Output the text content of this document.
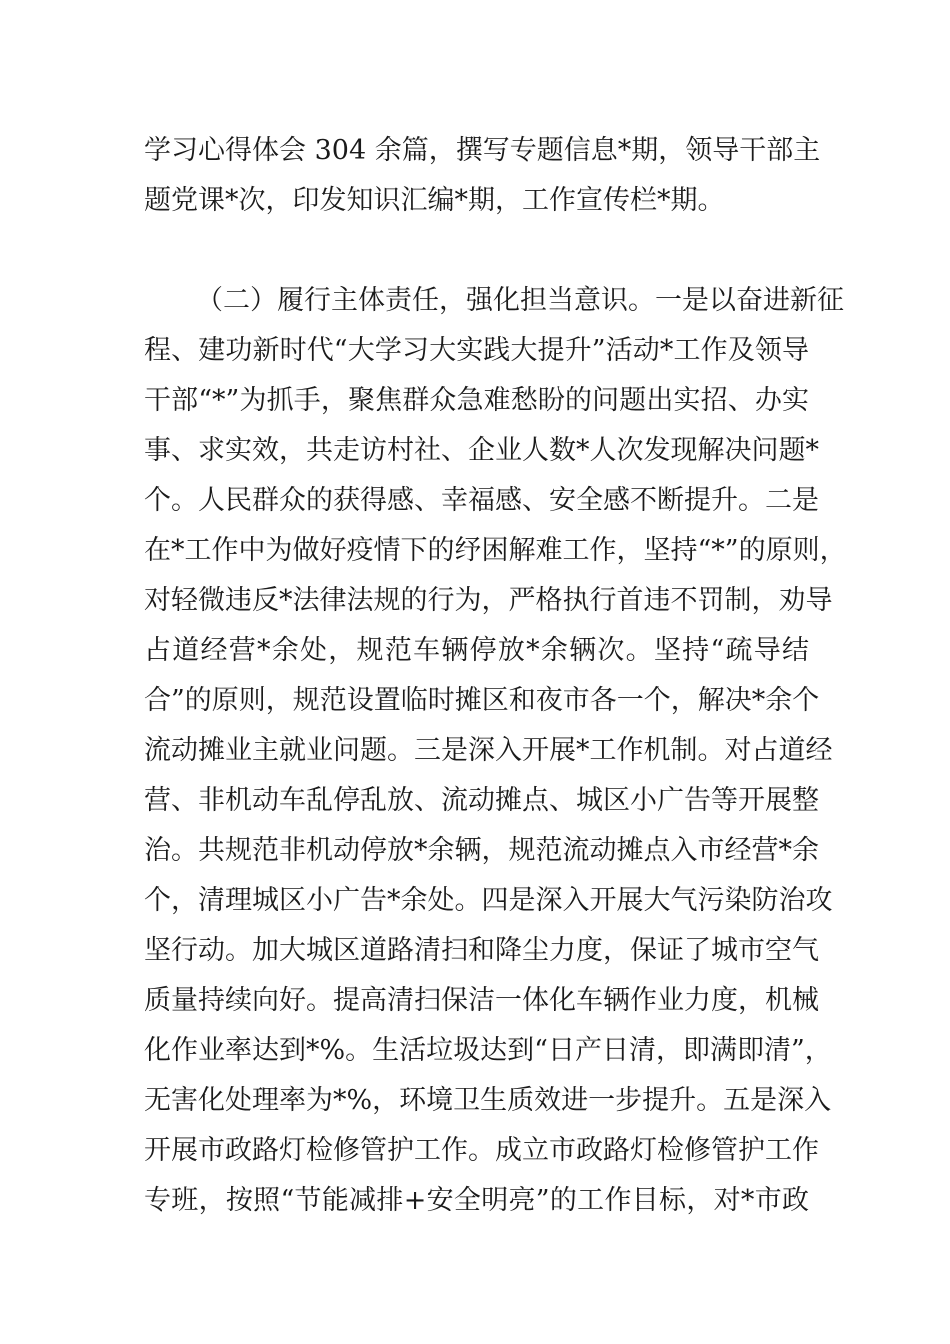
学习心得体会 304 余篇，撰写专题信息*期，领导干部主
题党课*次，印发知识汇编*期，工作宣传栏*期。
（二）履行主体责任，强化担当意识。一是以奋进新征
程、建功新时代“大学习大实践大提升”活动*工作及领导
干部“*”为抓手，聚焦群众急难愁盼的问题出实招、办实
事、求实效，共走访村社、企业人数*人次发现解决问题*
个。人民群众的获得感、幸福感、安全感不断提升。二是
在*工作中为做好疫情下的纾困解难工作，坚持“*”的原则，
对轻微违反*法律法规的行为，严格执行首违不罚制，劝导
占道经营*余处，规范车辆停放*余辆次。坚持“疏导结
合”的原则，规范设置临时摊区和夜市各一个，解决*余个
流动摊业主就业问题。三是深入开展*工作机制。对占道经
营、非机动车乱停乱放、流动摊点、城区小广告等开展整
治。共规范非机动停放*余辆，规范流动摊点入市经营*余
个，清理城区小广告*余处。四是深入开展大气污染防治攻
坚行动。加大城区道路清扫和降尘力度，保证了城市空气
质量持续向好。提高清扫保洁一体化车辆作业力度，机械
化作业率达到*%。生活垃圾达到“日产日清，即满即清”，
无害化处理率为*%，环境卫生质效进一步提升。五是深入
开展市政路灯检修管护工作。成立市政路灯检修管护工作
专班，按照“节能减排+安全明亮”的工作目标，对*市政
